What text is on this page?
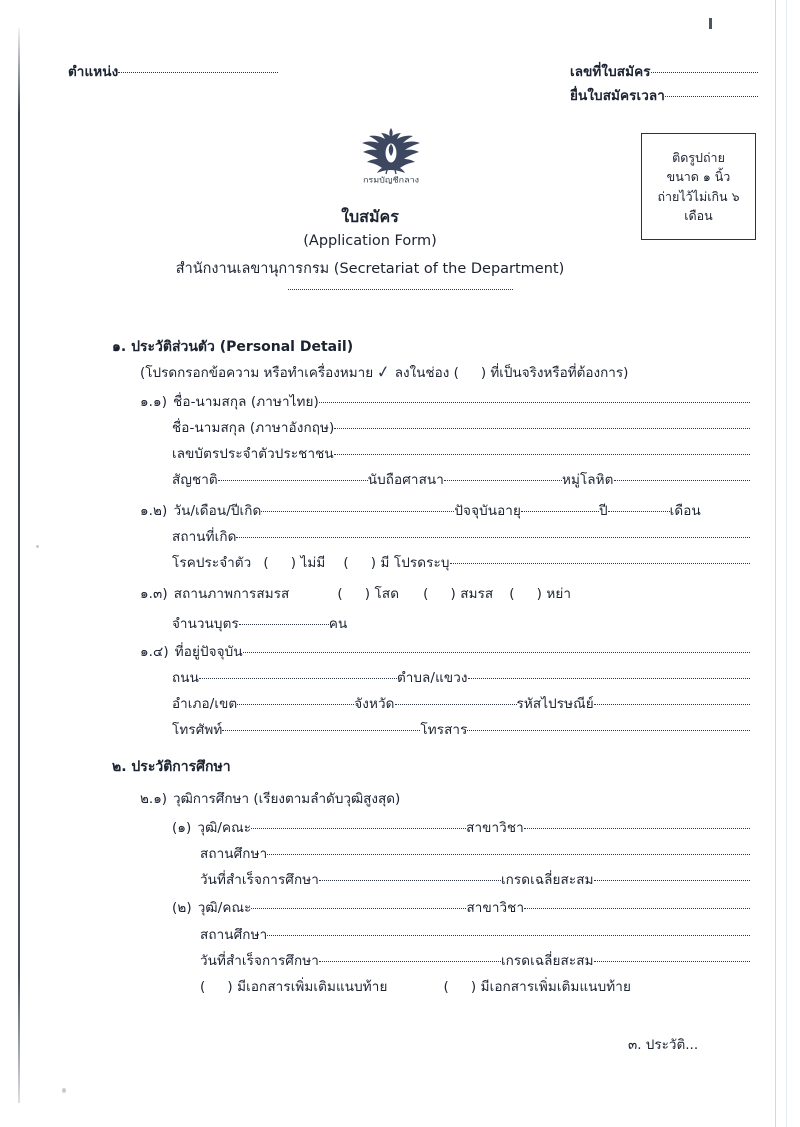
ตำแหน่ง	เลขที่ใบสมัคร
ยื่นใบสมัครเวลา
กรมบัญชีกลาง
ใบสมัคร
(Application Form)
สำนักงานเลขานุการกรม (Secretariat of the Department)
ติดรูปถ่าย
ขนาด ๑ นิ้ว
ถ่ายไว้ไม่เกิน ๖
เดือน
๑. ประวัติส่วนตัว (Personal Detail)
(โปรดกรอกข้อความ หรือทำเครื่องหมาย ✓ ลงในช่อง ( ) ที่เป็นจริงหรือที่ต้องการ)
๑.๑) ชื่อ-นามสกุล (ภาษาไทย)
ชื่อ-นามสกุล (ภาษาอังกฤษ)
เลขบัตรประจำตัวประชาชน
สัญชาติ	นับถือศาสนา	หมู่โลหิต
๑.๒) วัน/เดือน/ปีเกิด	ปัจจุบันอายุ	ปี	เดือน
สถานที่เกิด
โรคประจำตัว ( ) ไม่มี ( ) มี โปรดระบุ
๑.๓) สถานภาพการสมรส	( ) โสด ( ) สมรส ( ) หย่า
จำนวนบุตร	คน
๑.๔) ที่อยู่ปัจจุบัน
ถนน	ตำบล/แขวง
อำเภอ/เขต	จังหวัด	รหัสไปรษณีย์
โทรศัพท์	โทรสาร
๒. ประวัติการศึกษา
๒.๑) วุฒิการศึกษา (เรียงตามลำดับวุฒิสูงสุด)
(๑) วุฒิ/คณะ	สาขาวิชา
สถานศึกษา
วันที่สำเร็จการศึกษา	เกรดเฉลี่ยสะสม
(๒) วุฒิ/คณะ	สาขาวิชา
สถานศึกษา
วันที่สำเร็จการศึกษา	เกรดเฉลี่ยสะสม
( ) มีเอกสารเพิ่มเติมแนบท้าย	( ) มีเอกสารเพิ่มเติมแนบท้าย
๓. ประวัติ...
